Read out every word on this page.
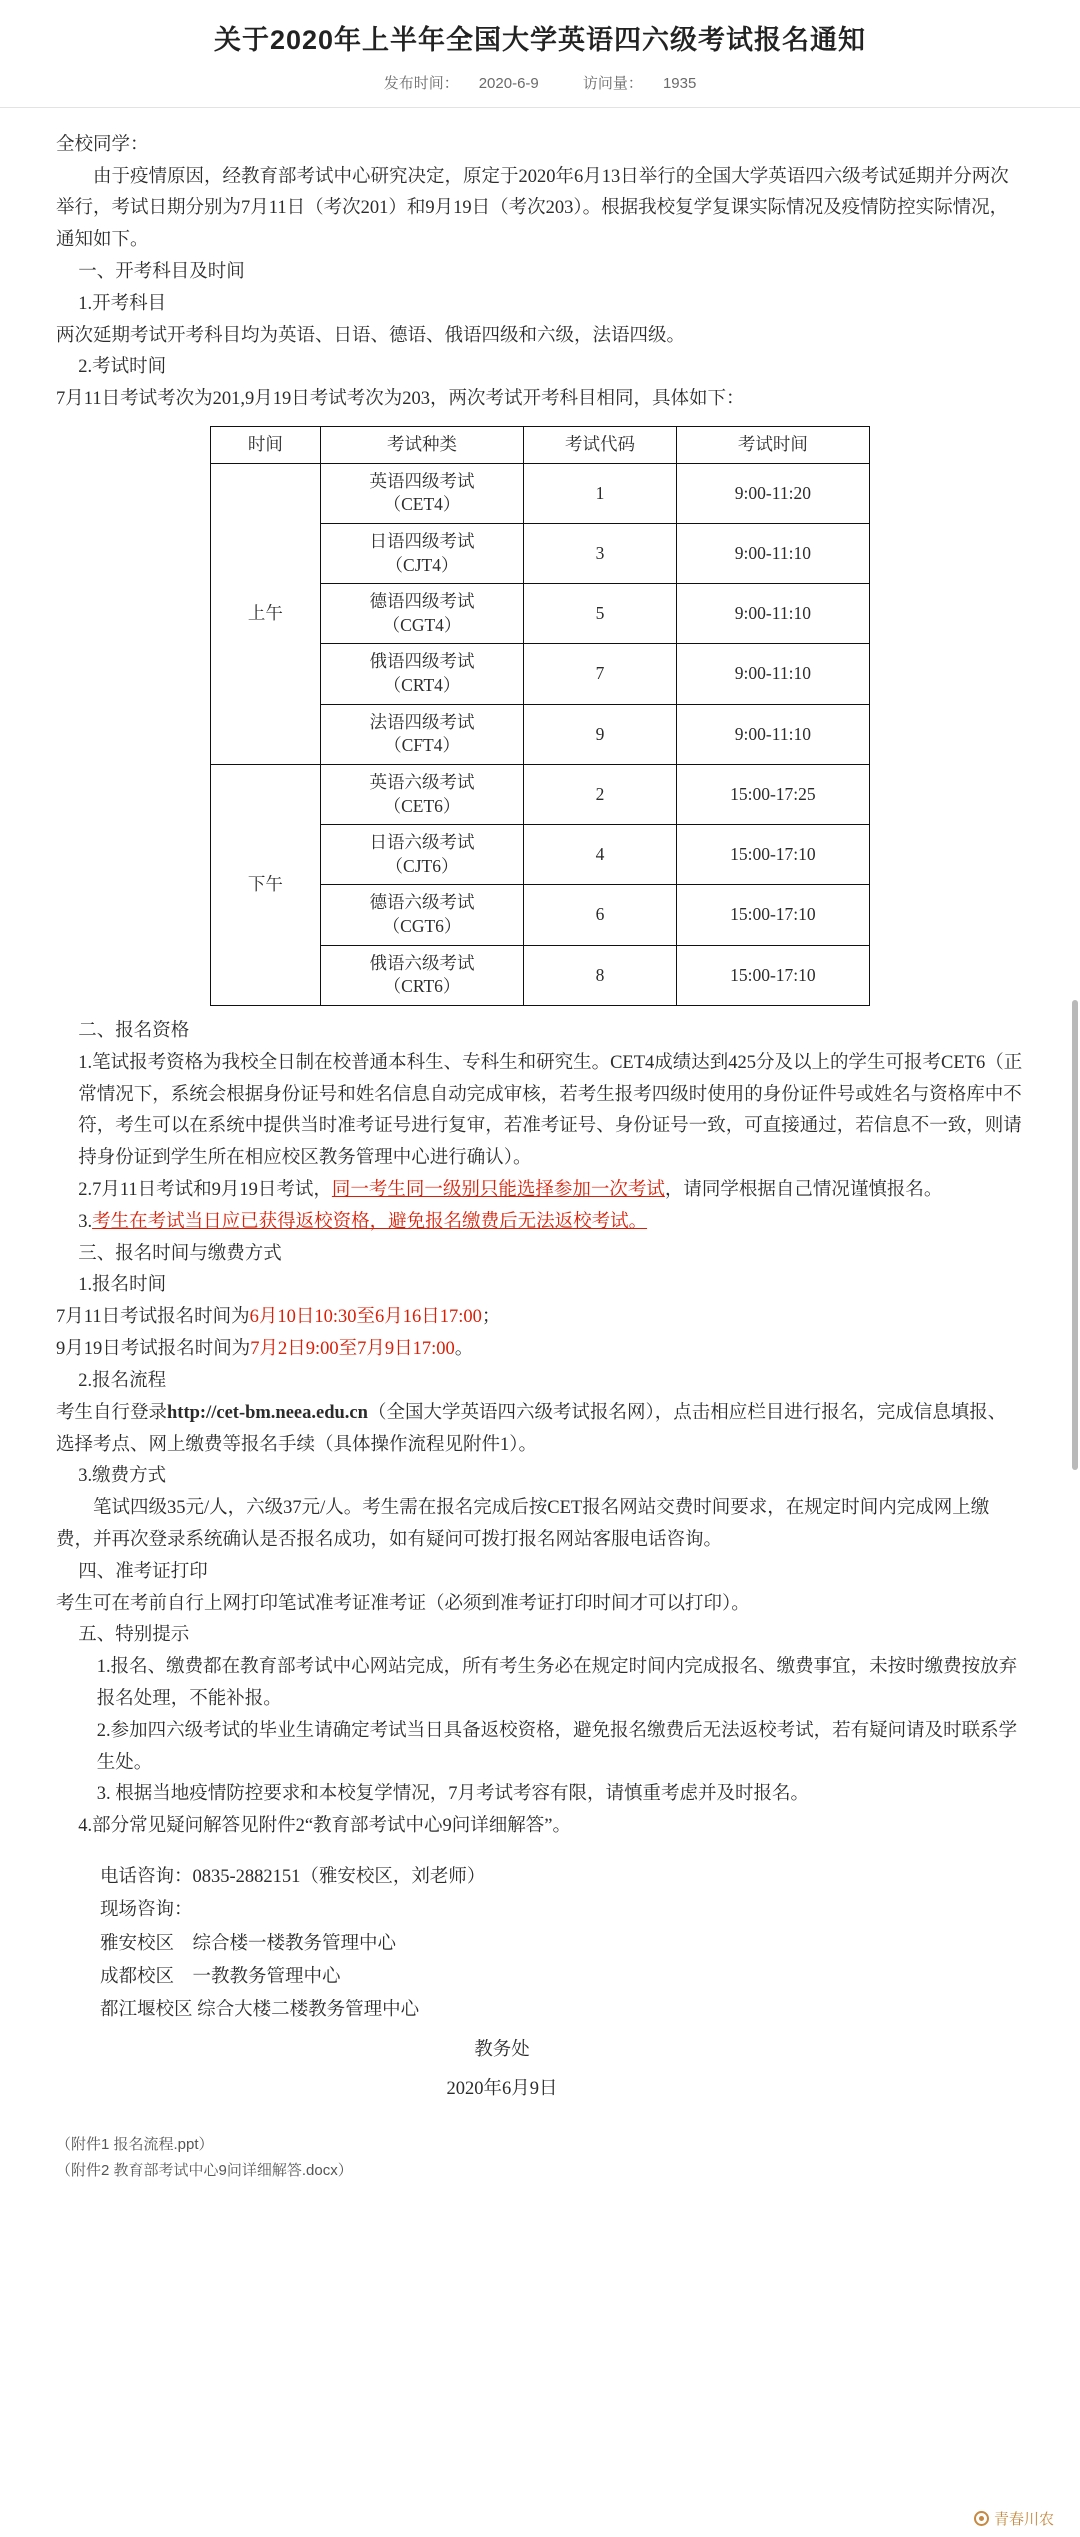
关于2020年上半年全国大学英语四六级考试报名通知
发布时间： 2020-6-9	访问量： 1935

全校同学：

由于疫情原因，经教育部考试中心研究决定，原定于2020年6月13日举行的全国大学英语四六级考试延期并分两次举行，考试日期分别为7月11日（考次201）和9月19日（考次203）。根据我校复学复课实际情况及疫情防控实际情况，通知如下。

一、开考科目及时间

1.开考科目

两次延期考试开考科目均为英语、日语、德语、俄语四级和六级，法语四级。

2.考试时间

7月11日考试考次为201,9月19日考试考次为203，两次考试开考科目相同，具体如下：

时间	考试种类	考试代码	考试时间
上午	英语四级考试
（CET4）	1	9:00-11:20

	日语四级考试
（CJT4）	3	9:00-11:10

	德语四级考试
（CGT4）	5	9:00-11:10

	俄语四级考试
（CRT4）	7	9:00-11:10

	法语四级考试
（CFT4）	9	9:00-11:10
下午	英语六级考试
（CET6）	2	15:00-17:25

	日语六级考试
（CJT6）	4	15:00-17:10

	德语六级考试
（CGT6）	6	15:00-17:10

	俄语六级考试
（CRT6）	8	15:00-17:10

二、报名资格

1.笔试报考资格为我校全日制在校普通本科生、专科生和研究生。CET4成绩达到425分及以上的学生可报考CET6（正常情况下，系统会根据身份证号和姓名信息自动完成审核，若考生报考四级时使用的身份证件号或姓名与资格库中不符，考生可以在系统中提供当时准考证号进行复审，若准考证号、身份证号一致，可直接通过，若信息不一致，则请持身份证到学生所在相应校区教务管理中心进行确认）。

2.7月11日考试和9月19日考试，同一考生同一级别只能选择参加一次考试，请同学根据自己情况谨慎报名。

3.考生在考试当日应已获得返校资格，避免报名缴费后无法返校考试。

三、报名时间与缴费方式

1.报名时间

7月11日考试报名时间为6月10日10:30至6月16日17:00；

9月19日考试报名时间为7月2日9:00至7月9日17:00。

2.报名流程

考生自行登录http://cet-bm.neea.edu.cn（全国大学英语四六级考试报名网），点击相应栏目进行报名，完成信息填报、选择考点、网上缴费等报名手续（具体操作流程见附件1）。

3.缴费方式

笔试四级35元/人，六级37元/人。考生需在报名完成后按CET报名网站交费时间要求，在规定时间内完成网上缴费，并再次登录系统确认是否报名成功，如有疑问可拨打报名网站客服电话咨询。

四、准考证打印

考生可在考前自行上网打印笔试准考证准考证（必须到准考证打印时间才可以打印）。

五、特别提示

1.报名、缴费都在教育部考试中心网站完成，所有考生务必在规定时间内完成报名、缴费事宜，未按时缴费按放弃报名处理，不能补报。

2.参加四六级考试的毕业生请确定考试当日具备返校资格，避免报名缴费后无法返校考试，若有疑问请及时联系学生处。

3. 根据当地疫情防控要求和本校复学情况，7月考试考容有限，请慎重考虑并及时报名。

4.部分常见疑问解答见附件2“教育部考试中心9问详细解答”。

电话咨询：0835-2882151（雅安校区，刘老师）

现场咨询：

雅安校区　综合楼一楼教务管理中心

成都校区　一教教务管理中心

都江堰校区 综合大楼二楼教务管理中心

教务处

2020年6月9日

（附件1 报名流程.ppt）
（附件2 教育部考试中心9问详细解答.docx）
青春川农
